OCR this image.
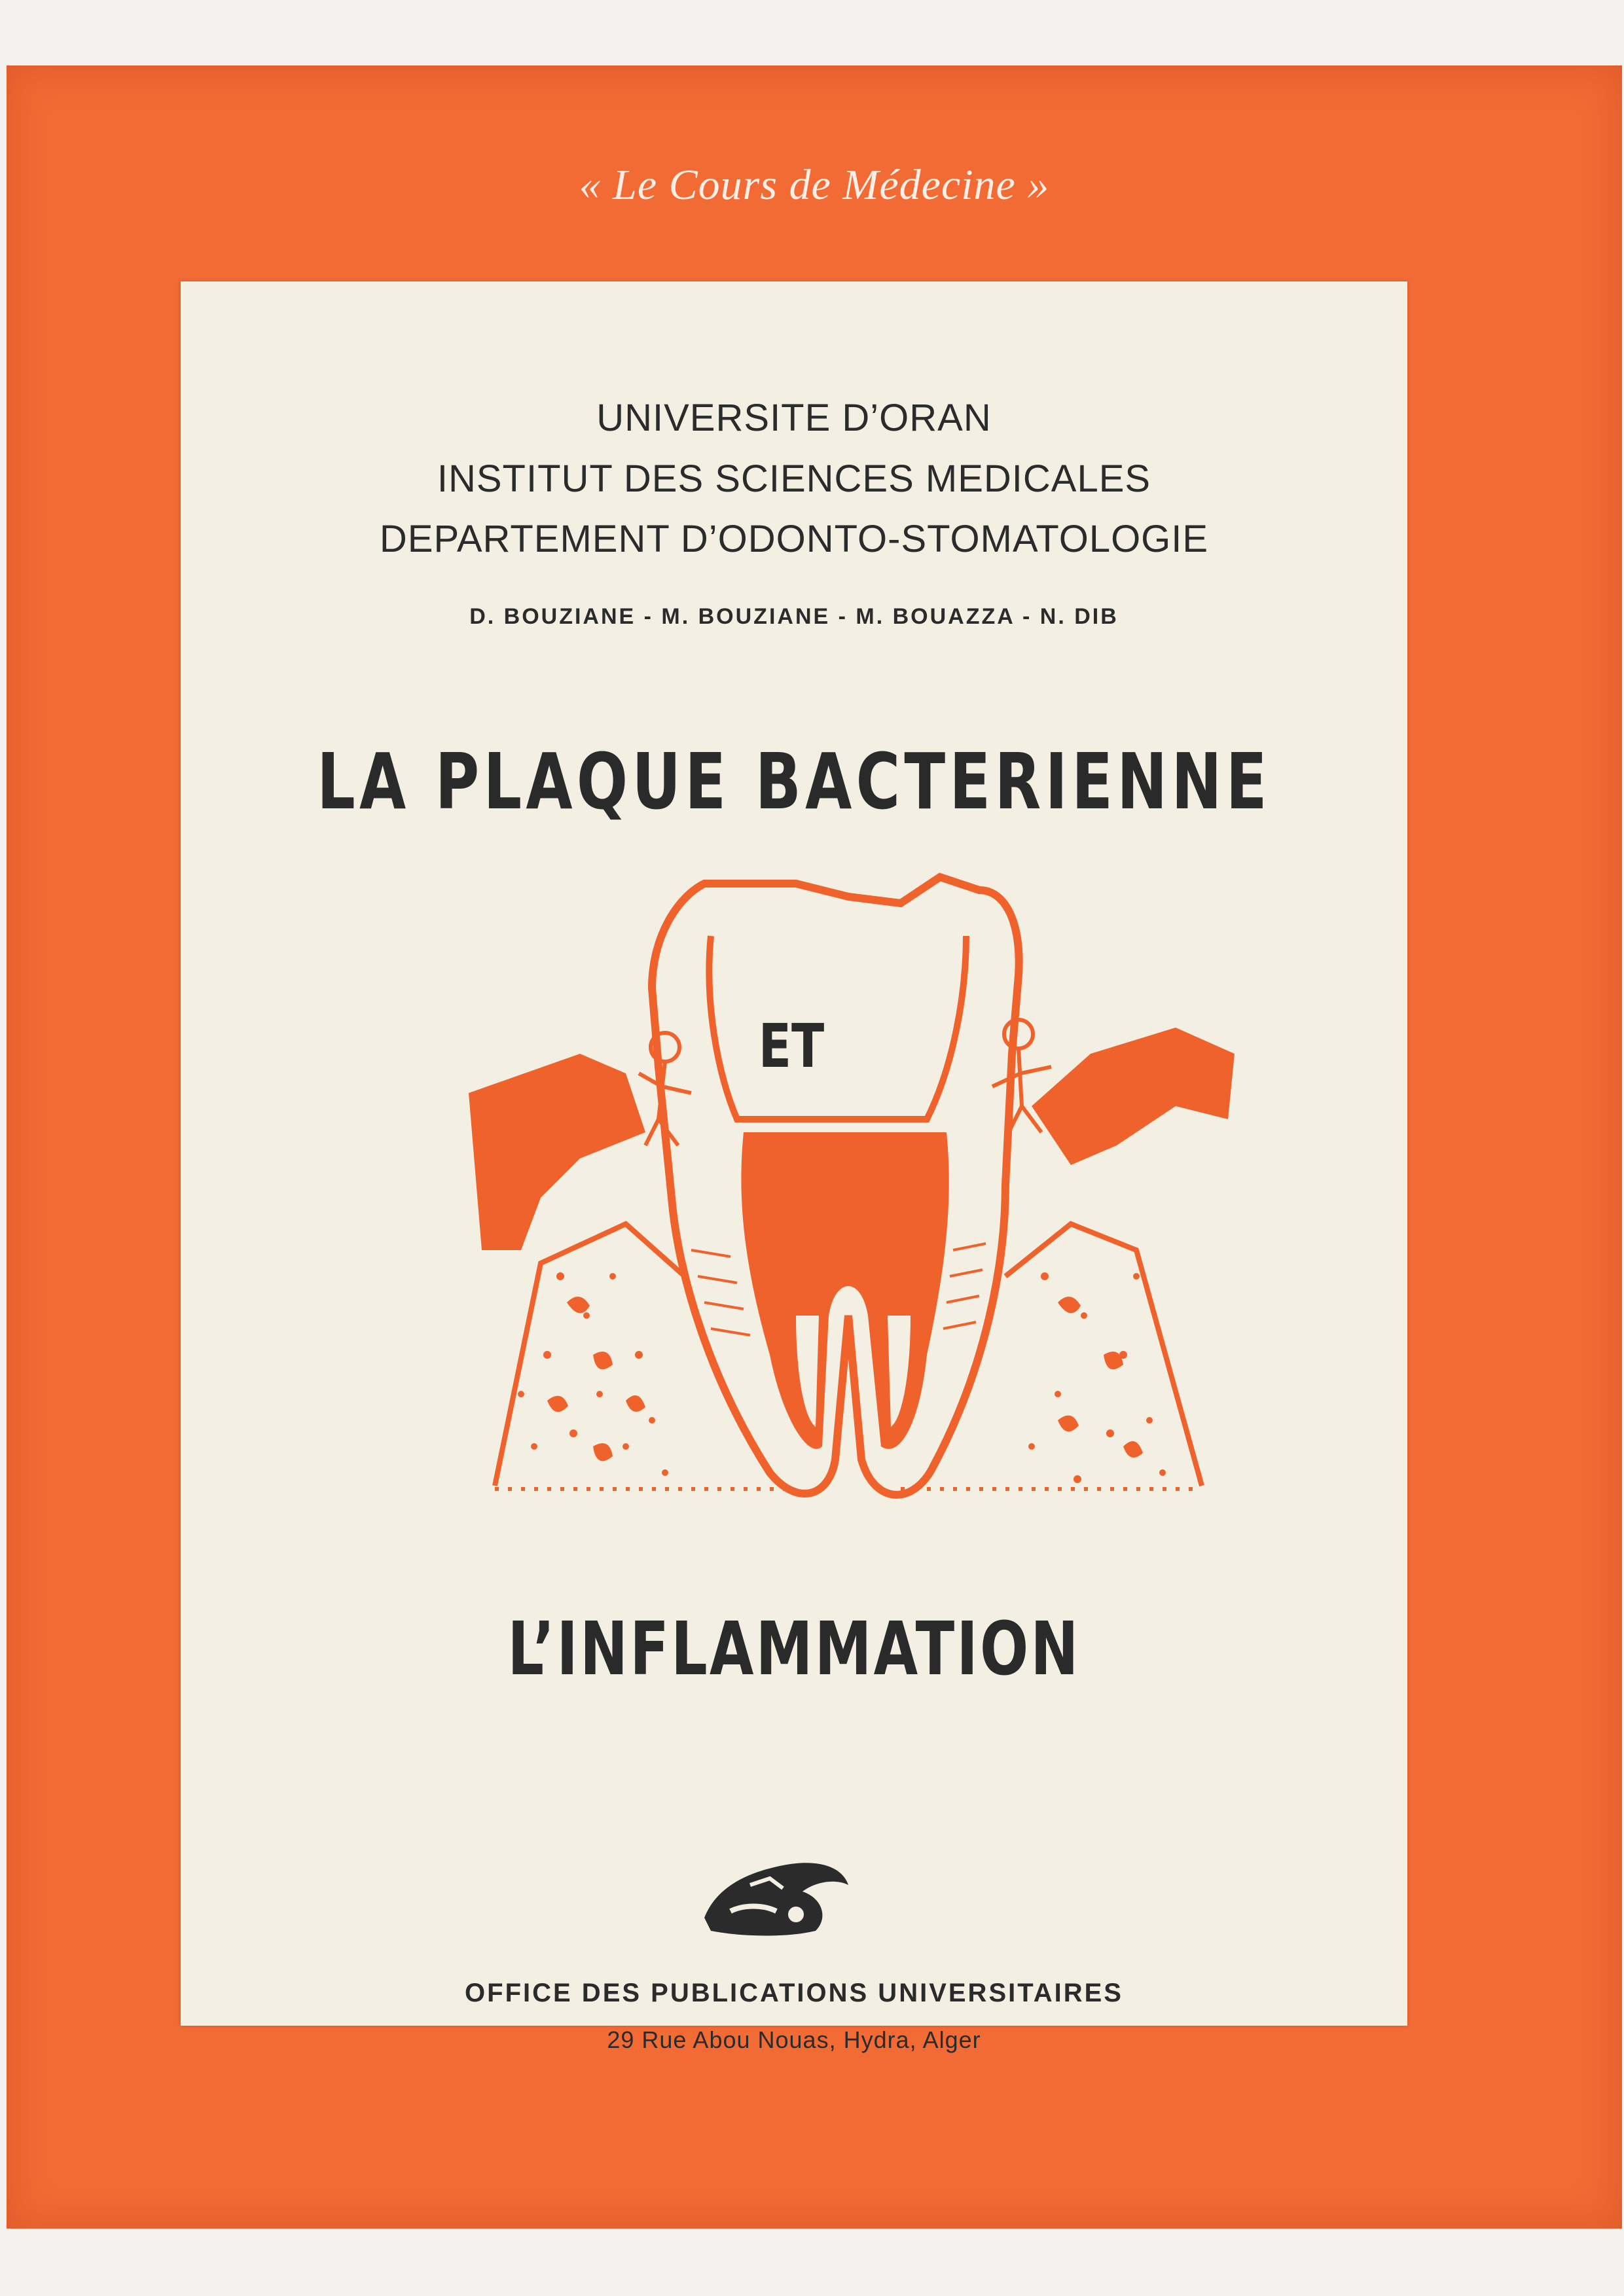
« Le Cours de Médecine »
UNIVERSITE D’ORAN
INSTITUT DES SCIENCES MEDICALES
DEPARTEMENT D’ODONTO-STOMATOLOGIE
D. BOUZIANE - M. BOUZIANE - M. BOUAZZA - N. DIB
LA PLAQUE BACTERIENNE
ET
L’INFLAMMATION
OFFICE DES PUBLICATIONS UNIVERSITAIRES
29 Rue Abou Nouas, Hydra, Alger
